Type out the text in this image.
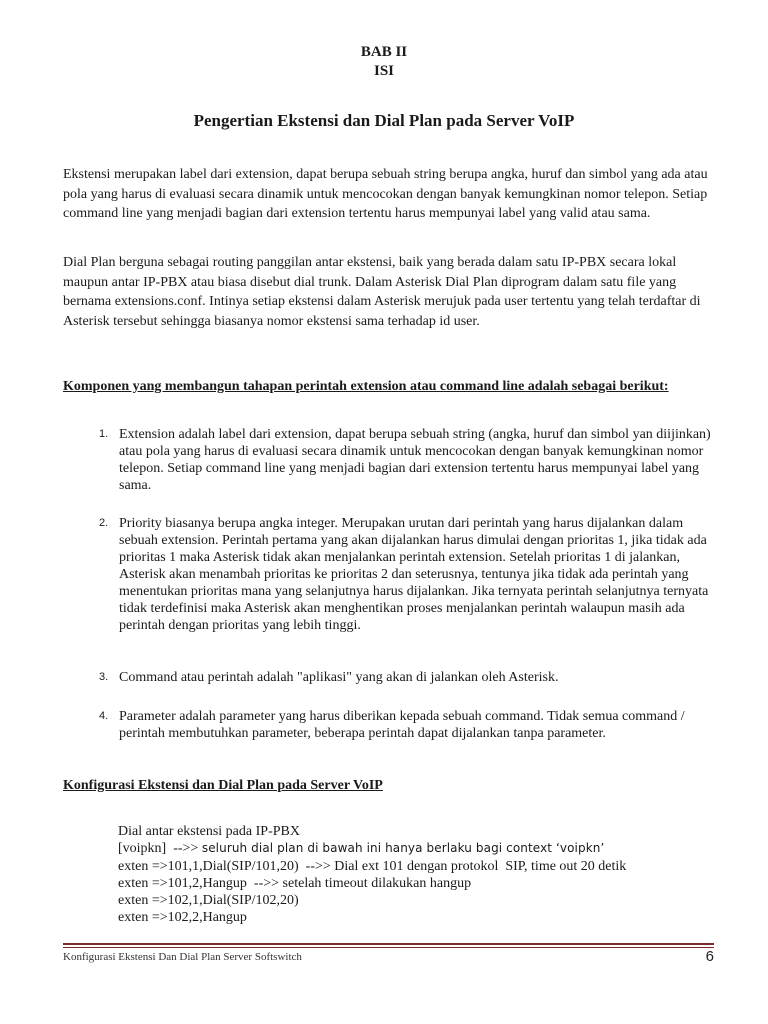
BAB II
ISI
Pengertian Ekstensi dan Dial Plan pada Server VoIP
Ekstensi merupakan label dari extension, dapat berupa sebuah string berupa angka, huruf dan simbol yang ada atau pola yang harus di evaluasi secara dinamik untuk mencocokan dengan banyak kemungkinan nomor telepon. Setiap command line yang menjadi bagian dari extension tertentu harus mempunyai label yang valid atau sama.
Dial Plan berguna sebagai routing panggilan antar ekstensi, baik yang berada dalam satu IP-PBX secara lokal maupun antar IP-PBX atau biasa disebut dial trunk. Dalam Asterisk Dial Plan diprogram dalam satu file yang bernama extensions.conf. Intinya setiap ekstensi dalam Asterisk merujuk pada user tertentu yang telah terdaftar di Asterisk tersebut sehingga biasanya nomor ekstensi sama terhadap id user.
Komponen yang membangun tahapan perintah extension atau command line adalah sebagai berikut:
1. Extension adalah label dari extension, dapat berupa sebuah string (angka, huruf dan simbol yan diijinkan) atau pola yang harus di evaluasi secara dinamik untuk mencocokan dengan banyak kemungkinan nomor telepon. Setiap command line yang menjadi bagian dari extension tertentu harus mempunyai label yang sama.
2. Priority biasanya berupa angka integer. Merupakan urutan dari perintah yang harus dijalankan dalam sebuah extension. Perintah pertama yang akan dijalankan harus dimulai dengan prioritas 1, jika tidak ada prioritas 1 maka Asterisk tidak akan menjalankan perintah extension. Setelah prioritas 1 di jalankan, Asterisk akan menambah prioritas ke prioritas 2 dan seterusnya, tentunya jika tidak ada perintah yang menentukan prioritas mana yang selanjutnya harus dijalankan. Jika ternyata perintah selanjutnya ternyata tidak terdefinisi maka Asterisk akan menghentikan proses menjalankan perintah walaupun masih ada perintah dengan prioritas yang lebih tinggi.
3. Command atau perintah adalah "aplikasi" yang akan di jalankan oleh Asterisk.
4. Parameter adalah parameter yang harus diberikan kepada sebuah command. Tidak semua command / perintah membutuhkan parameter, beberapa perintah dapat dijalankan tanpa parameter.
Konfigurasi Ekstensi dan Dial Plan pada Server VoIP
Dial antar ekstensi pada IP-PBX
[voipkn]  -->> seluruh dial plan di bawah ini hanya berlaku bagi context ‘voipkn’
exten =>101,1,Dial(SIP/101,20)  -->> Dial ext 101 dengan protokol  SIP, time out 20 detik
exten =>101,2,Hangup  -->> setelah timeout dilakukan hangup
exten =>102,1,Dial(SIP/102,20)
exten =>102,2,Hangup
Konfigurasi Ekstensi Dan Dial Plan Server Softswitch	6
